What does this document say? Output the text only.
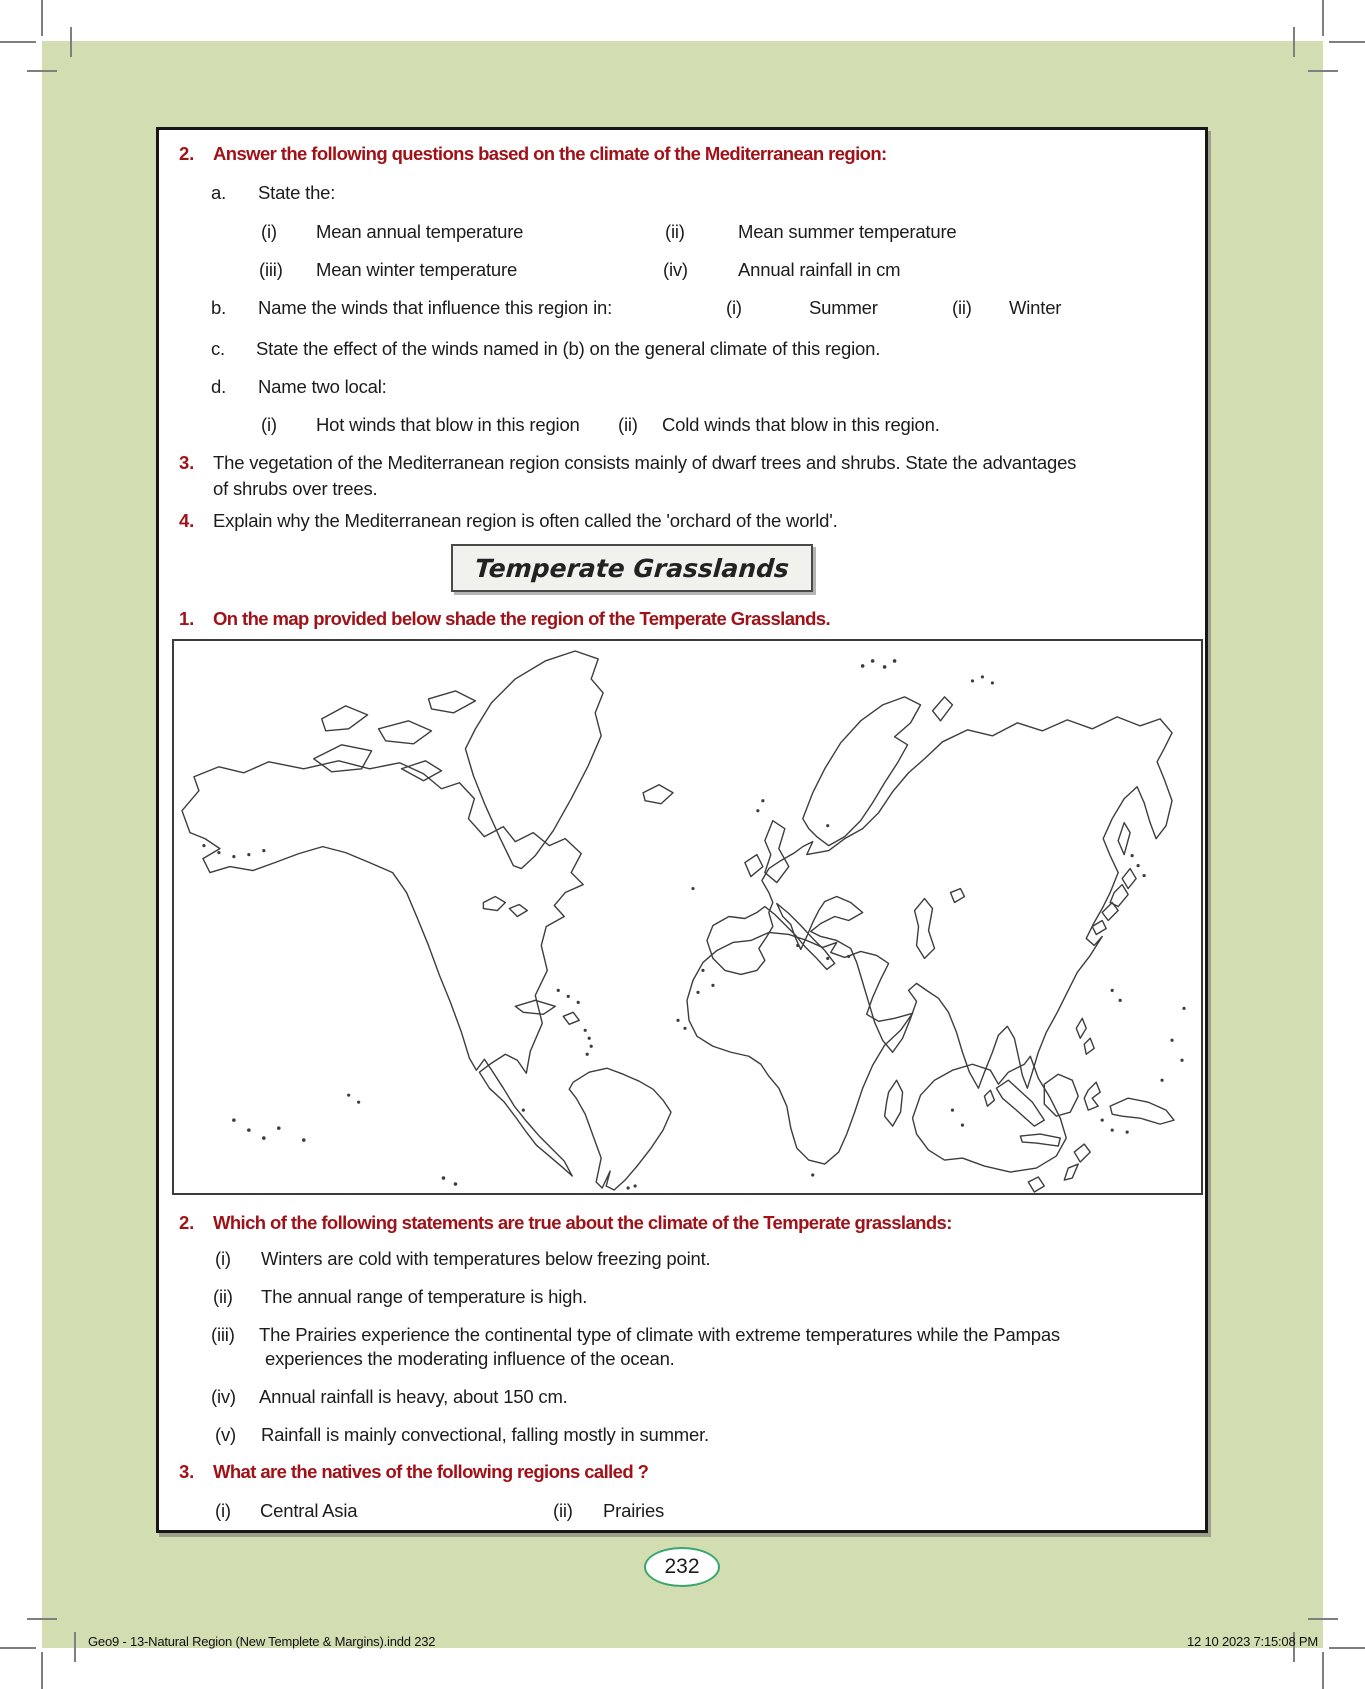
2. Answer the following questions based on the climate of the Mediterranean region:
a. State the:
(i) Mean annual temperature	(ii)	Mean summer temperature
(iii) Mean winter temperature	(iv)	Annual rainfall in cm
b. Name the winds that influence this region in:	(i)	Summer	(ii) Winter
c. State the effect of the winds named in (b) on the general climate of this region.
d. Name two local:
(i) Hot winds that blow in this region (ii) Cold winds that blow in this region.
3. The vegetation of the Mediterranean region consists mainly of dwarf trees and shrubs. State the advantages
of shrubs over trees.
4. Explain why the Mediterranean region is often called the 'orchard of the world'.
Temperate Grasslands
1. On the map provided below shade the region of the Temperate Grasslands.
2. Which of the following statements are true about the climate of the Temperate grasslands:
(i) Winters are cold with temperatures below freezing point.
(ii) The annual range of temperature is high.
(iii) The Prairies experience the continental type of climate with extreme temperatures while the Pampas
experiences the moderating influence of the ocean.
(iv) Annual rainfall is heavy, about 150 cm.
(v) Rainfall is mainly convectional, falling mostly in summer.
3. What are the natives of the following regions called ?
(i) Central Asia	(ii) Prairies
232
Geo9 - 13-Natural Region (New Templete & Margins).indd 232	12 10 2023 7:15:08 PM
